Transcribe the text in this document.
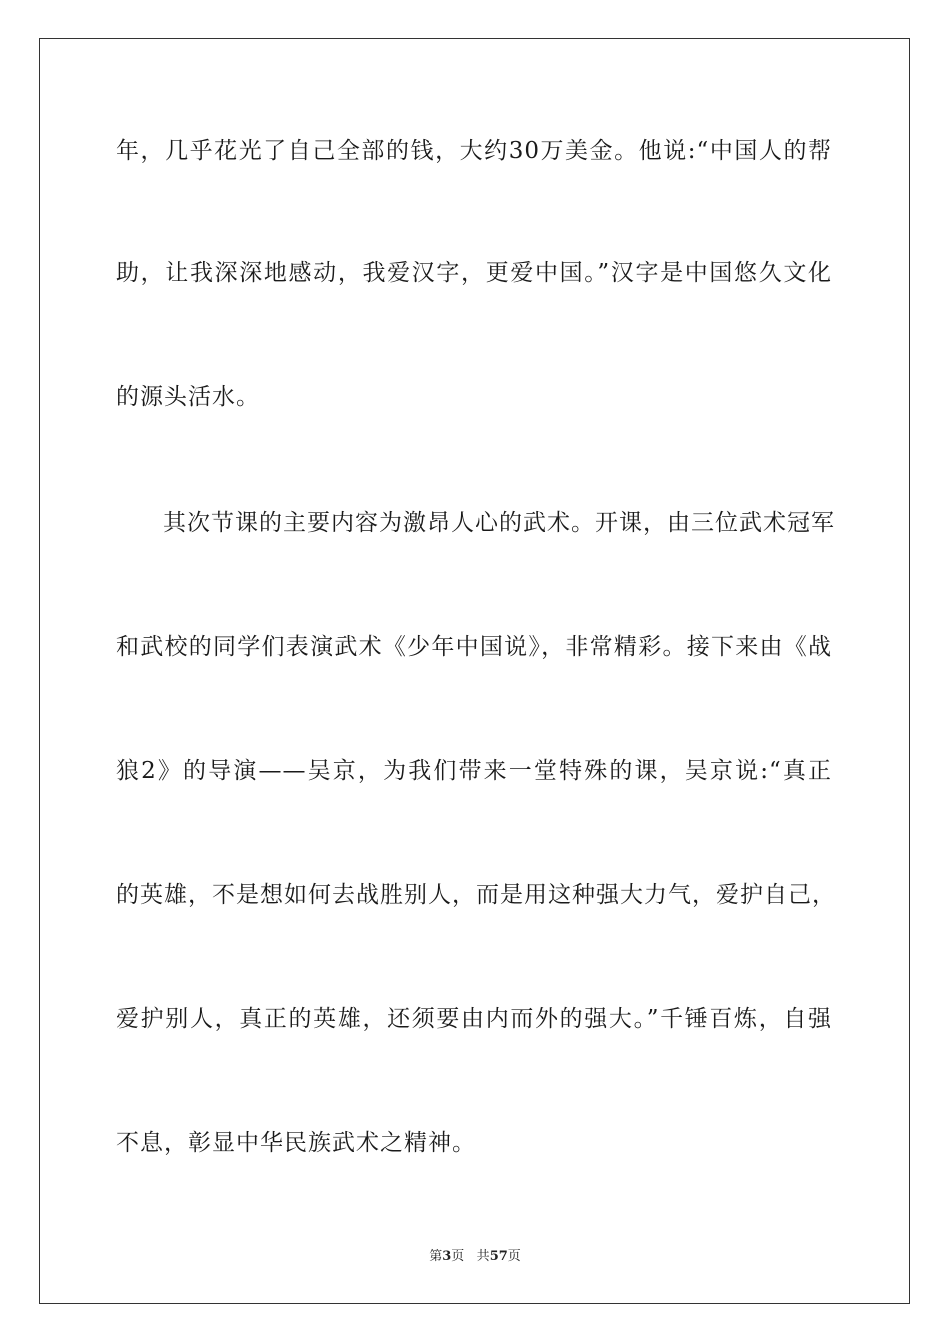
年，几乎花光了自己全部的钱，大约30万美金。他说:“中国人的帮
助，让我深深地感动，我爱汉字，更爱中国。”汉字是中国悠久文化
的源头活水。
其次节课的主要内容为激昂人心的武术。开课，由三位武术冠军
和武校的同学们表演武术《少年中国说》，非常精彩。接下来由《战
狼2》的导演——吴京，为我们带来一堂特殊的课，吴京说:“真正
的英雄，不是想如何去战胜别人，而是用这种强大力气，爱护自己，
爱护别人，真正的英雄，还须要由内而外的强大。”千锤百炼，自强
不息，彰显中华民族武术之精神。
第3页 共57页
